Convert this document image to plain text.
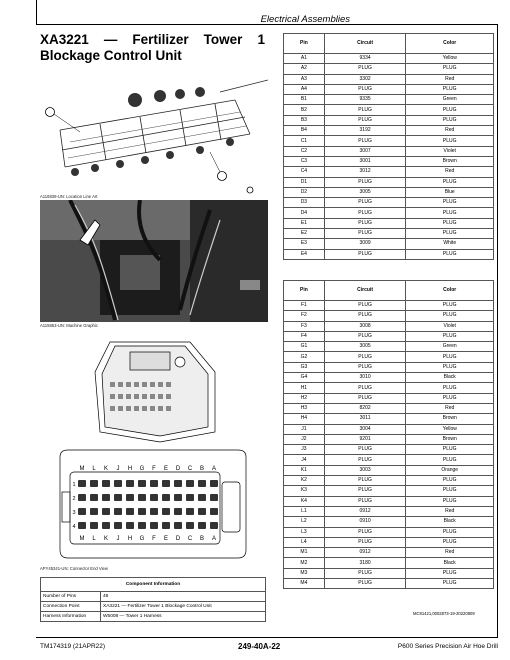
Electrical Assemblies
XA3221 — Fertilizer Tower 1 Blockage Control Unit
A116839-UN: Location Line Art
A115853-UN: Machine Graphic
M L K J H G F E D C B A
M L K J H G F E D C B A
1
2
3
4
APY45341-UN: Connector End View
Component Information	
Number of Pins	48
Connection Point	XA3221 — Fertilizer Tower 1 Blockage Control Unit
Harness Information	W5008 — Tower 1 Harness
Pin	Circuit	Color
A1	9334	Yellow
A2	PLUG	PLUG
A3	3302	Red
A4	PLUG	PLUG
B1	9335	Green
B2	PLUG	PLUG
B3	PLUG	PLUG
B4	3192	Red
C1	PLUG	PLUG
C2	3007	Violet
C3	3001	Brown
C4	3012	Red
D1	PLUG	PLUG
D2	3005	Blue
D3	PLUG	PLUG
D4	PLUG	PLUG
E1	PLUG	PLUG
E2	PLUG	PLUG
E3	3009	White
E4	PLUG	PLUG
Pin	Circuit	Color
F1	PLUG	PLUG
F2	PLUG	PLUG
F3	3008	Violet
F4	PLUG	PLUG
G1	3005	Green
G2	PLUG	PLUG
G3	PLUG	PLUG
G4	3010	Black
H1	PLUG	PLUG
H2	PLUG	PLUG
H3	8202	Red
H4	3011	Brown
J1	3004	Yellow
J2	9201	Brown
J3	PLUG	PLUG
J4	PLUG	PLUG
K1	3003	Orange
K2	PLUG	PLUG
K3	PLUG	PLUG
K4	PLUG	PLUG
L1	0912	Red
L2	0910	Black
L3	PLUG	PLUG
L4	PLUG	PLUG
M1	0912	Red
M2	3180	Black
M3	PLUG	PLUG
M4	PLUG	PLUG
MC91421,0002873-19-20220809
TM174319 (21APR22)	249-40A-22	P600 Series Precision Air Hoe Drill
